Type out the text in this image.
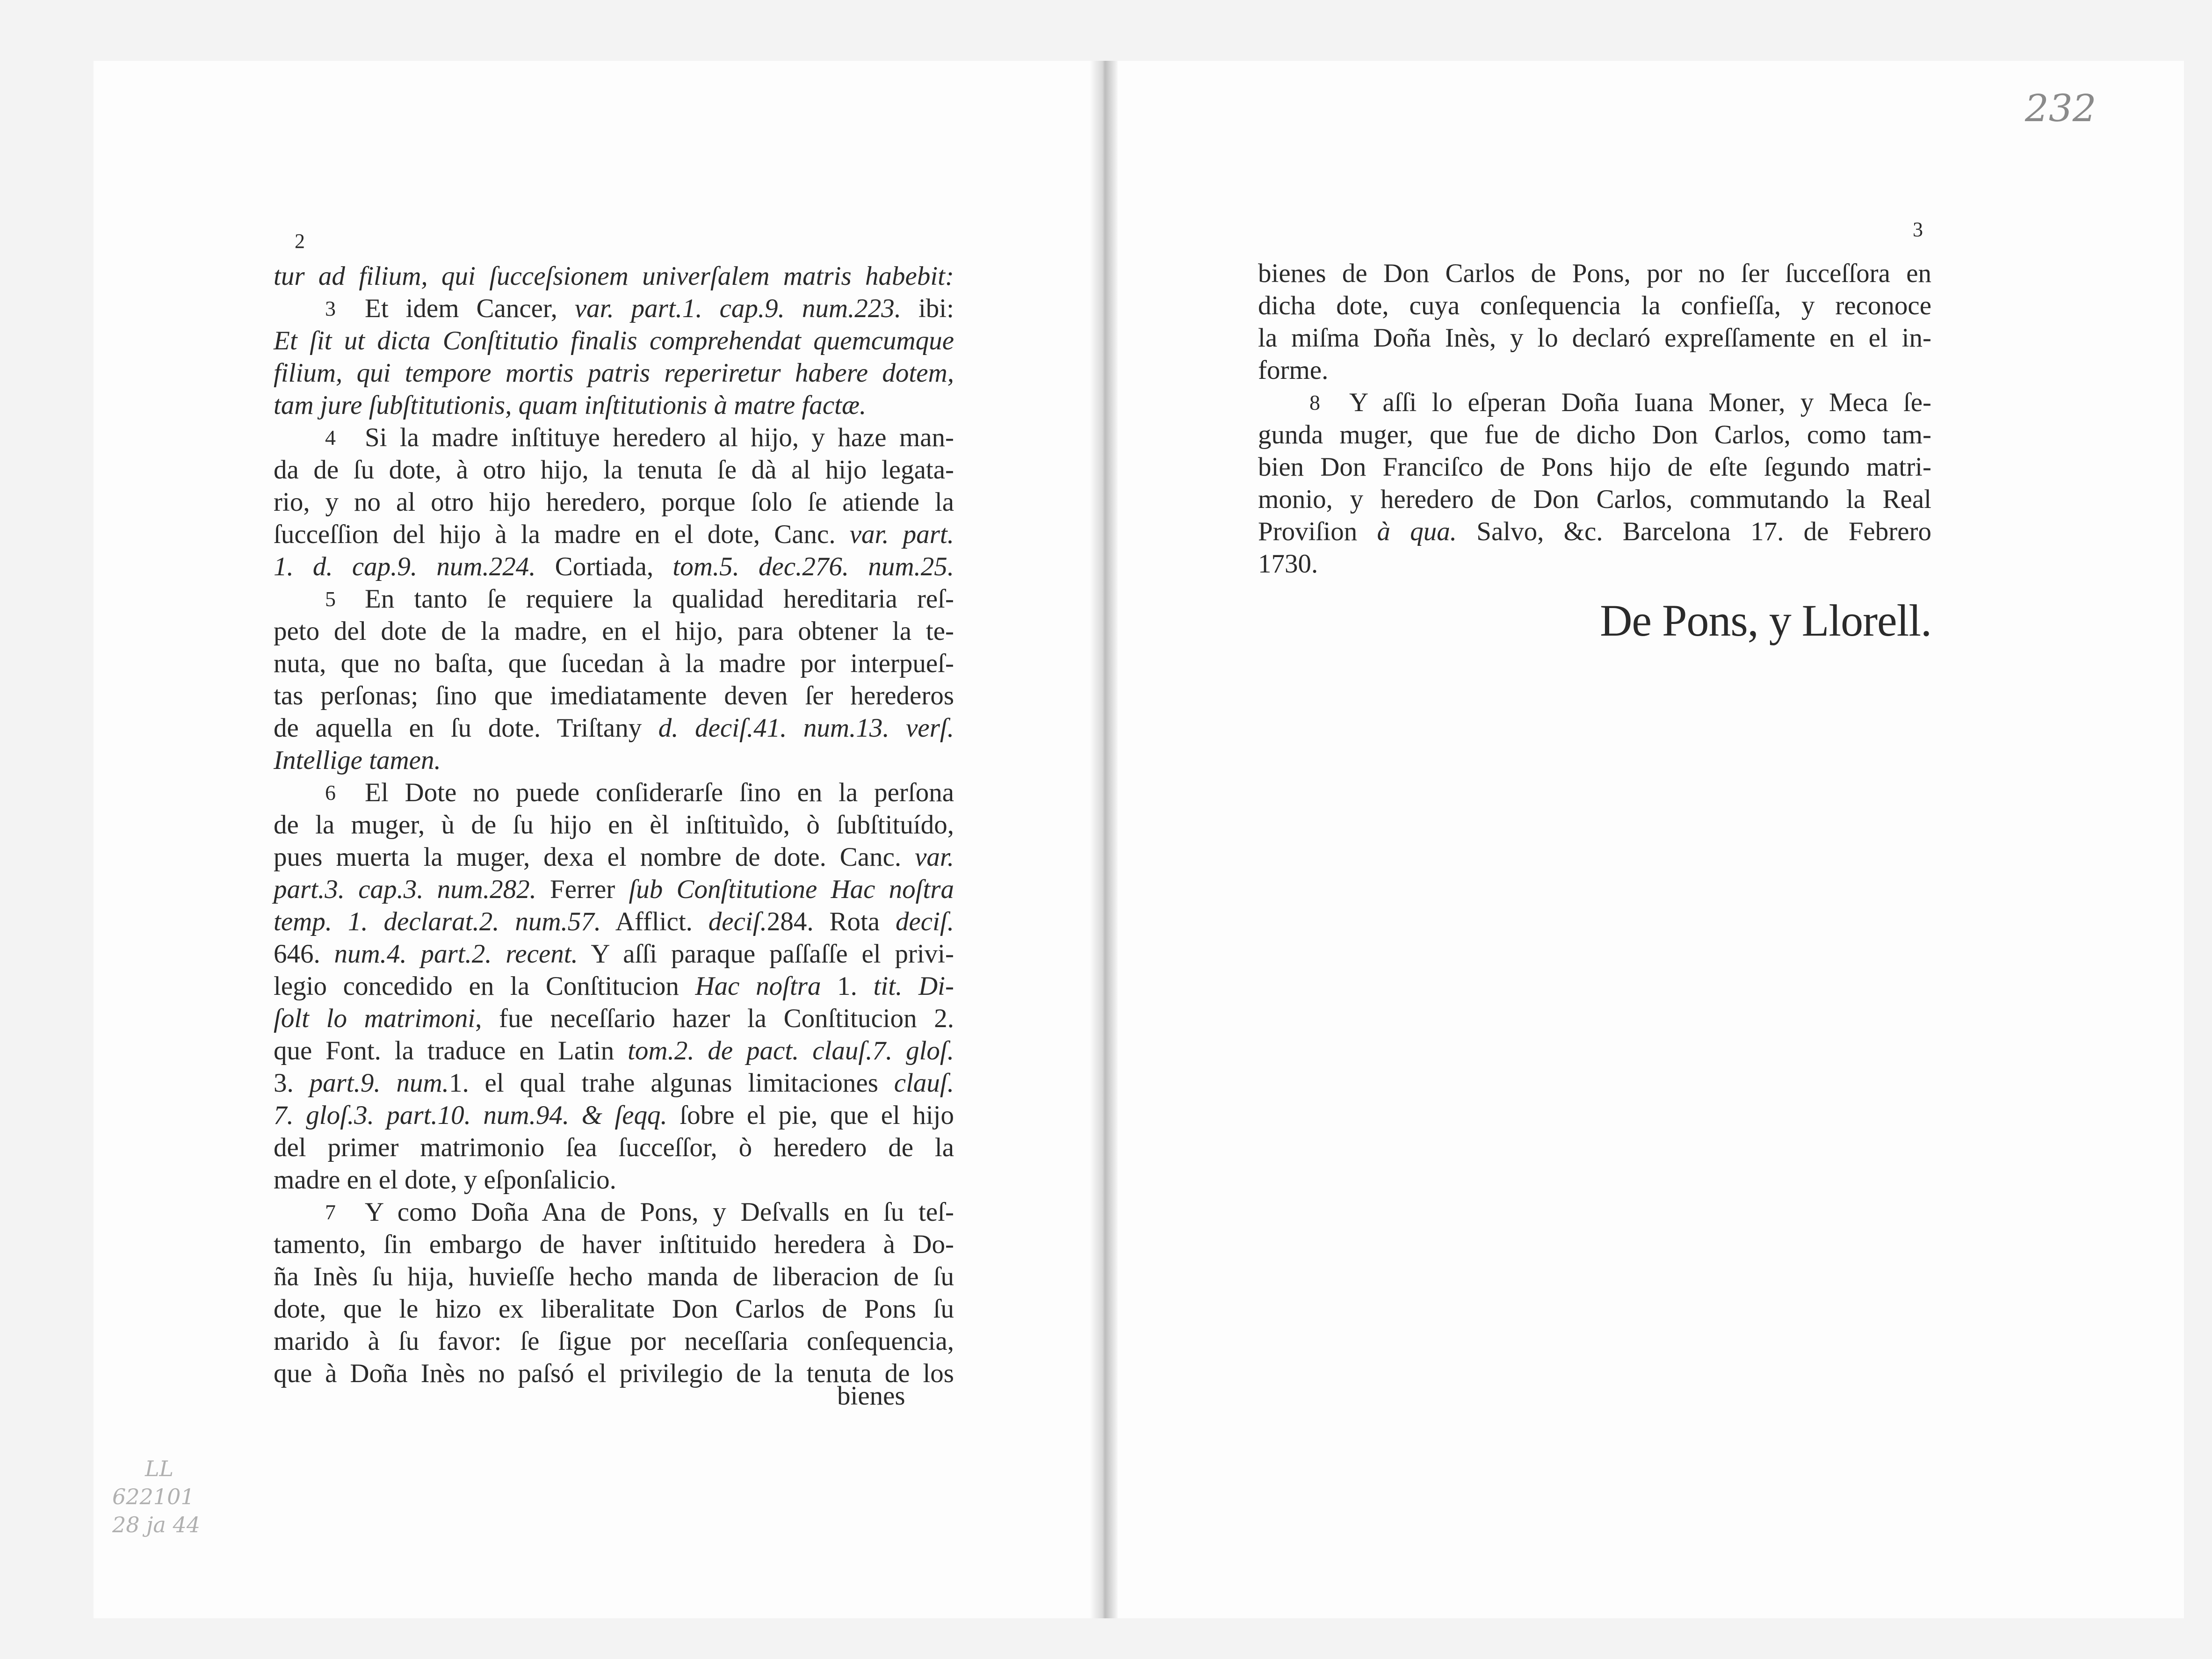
2
tur ad filium, qui ſucceſsionem univerſalem matris habebit:
3 Et idem Cancer, var. part.1. cap.9. num.223. ibi:
Et ſit ut dicta Conſtitutio finalis comprehendat quemcumque
filium, qui tempore mortis patris reperiretur habere dotem,
tam jure ſubſtitutionis, quam inſtitutionis à matre factæ.
4 Si la madre inſtituye heredero al hijo, y haze man-
da de ſu dote, à otro hijo, la tenuta ſe dà al hijo legata-
rio, y no al otro hijo heredero, porque ſolo ſe atiende la
ſucceſſion del hijo à la madre en el dote, Canc. var. part.
1. d. cap.9. num.224. Cortiada, tom.5. dec.276. num.25.
5 En tanto ſe requiere la qualidad hereditaria reſ-
peto del dote de la madre, en el hijo, para obtener la te-
nuta, que no baſta, que ſucedan à la madre por interpueſ-
tas perſonas; ſino que imediatamente deven ſer herederos
de aquella en ſu dote. Triſtany d. deciſ.41. num.13. verſ.
Intellige tamen.
6 El Dote no puede conſiderarſe ſino en la perſona
de la muger, ù de ſu hijo en èl inſtituìdo, ò ſubſtituído,
pues muerta la muger, dexa el nombre de dote. Canc. var.
part.3. cap.3. num.282. Ferrer ſub Conſtitutione Hac noſtra
temp. 1. declarat.2. num.57. Afflict. deciſ.284. Rota deciſ.
646. num.4. part.2. recent. Y aſſi paraque paſſaſſe el privi-
legio concedido en la Conſtitucion Hac noſtra 1. tit. Di-
ſolt lo matrimoni, fue neceſſario hazer la Conſtitucion 2.
que Font. la traduce en Latin tom.2. de pact. clauſ.7. gloſ.
3. part.9. num.1. el qual trahe algunas limitaciones clauſ.
7. gloſ.3. part.10. num.94. & ſeqq. ſobre el pie, que el hijo
del primer matrimonio ſea ſucceſſor, ò heredero de la
madre en el dote, y eſponſalicio.
7 Y como Doña Ana de Pons, y Deſvalls en ſu teſ-
tamento, ſin embargo de haver inſtituido heredera à Do-
ña Inès ſu hija, huvieſſe hecho manda de liberacion de ſu
dote, que le hizo ex liberalitate Don Carlos de Pons ſu
marido à ſu favor: ſe ſigue por neceſſaria conſequencia,
que à Doña Inès no paſsó el privilegio de la tenuta de los
bienes
3
bienes de Don Carlos de Pons, por no ſer ſucceſſora en
dicha dote, cuya conſequencia la confieſſa, y reconoce
la miſma Doña Inès, y lo declaró expreſſamente en el in-
forme.
8 Y aſſi lo eſperan Doña Iuana Moner, y Meca ſe-
gunda muger, que fue de dicho Don Carlos, como tam-
bien Don Franciſco de Pons hijo de eſte ſegundo matri-
monio, y heredero de Don Carlos, commutando la Real
Proviſion à qua. Salvo, &c. Barcelona 17. de Febrero
1730.
De Pons, y Llorell.
232
LL
622101
28 ja 44
